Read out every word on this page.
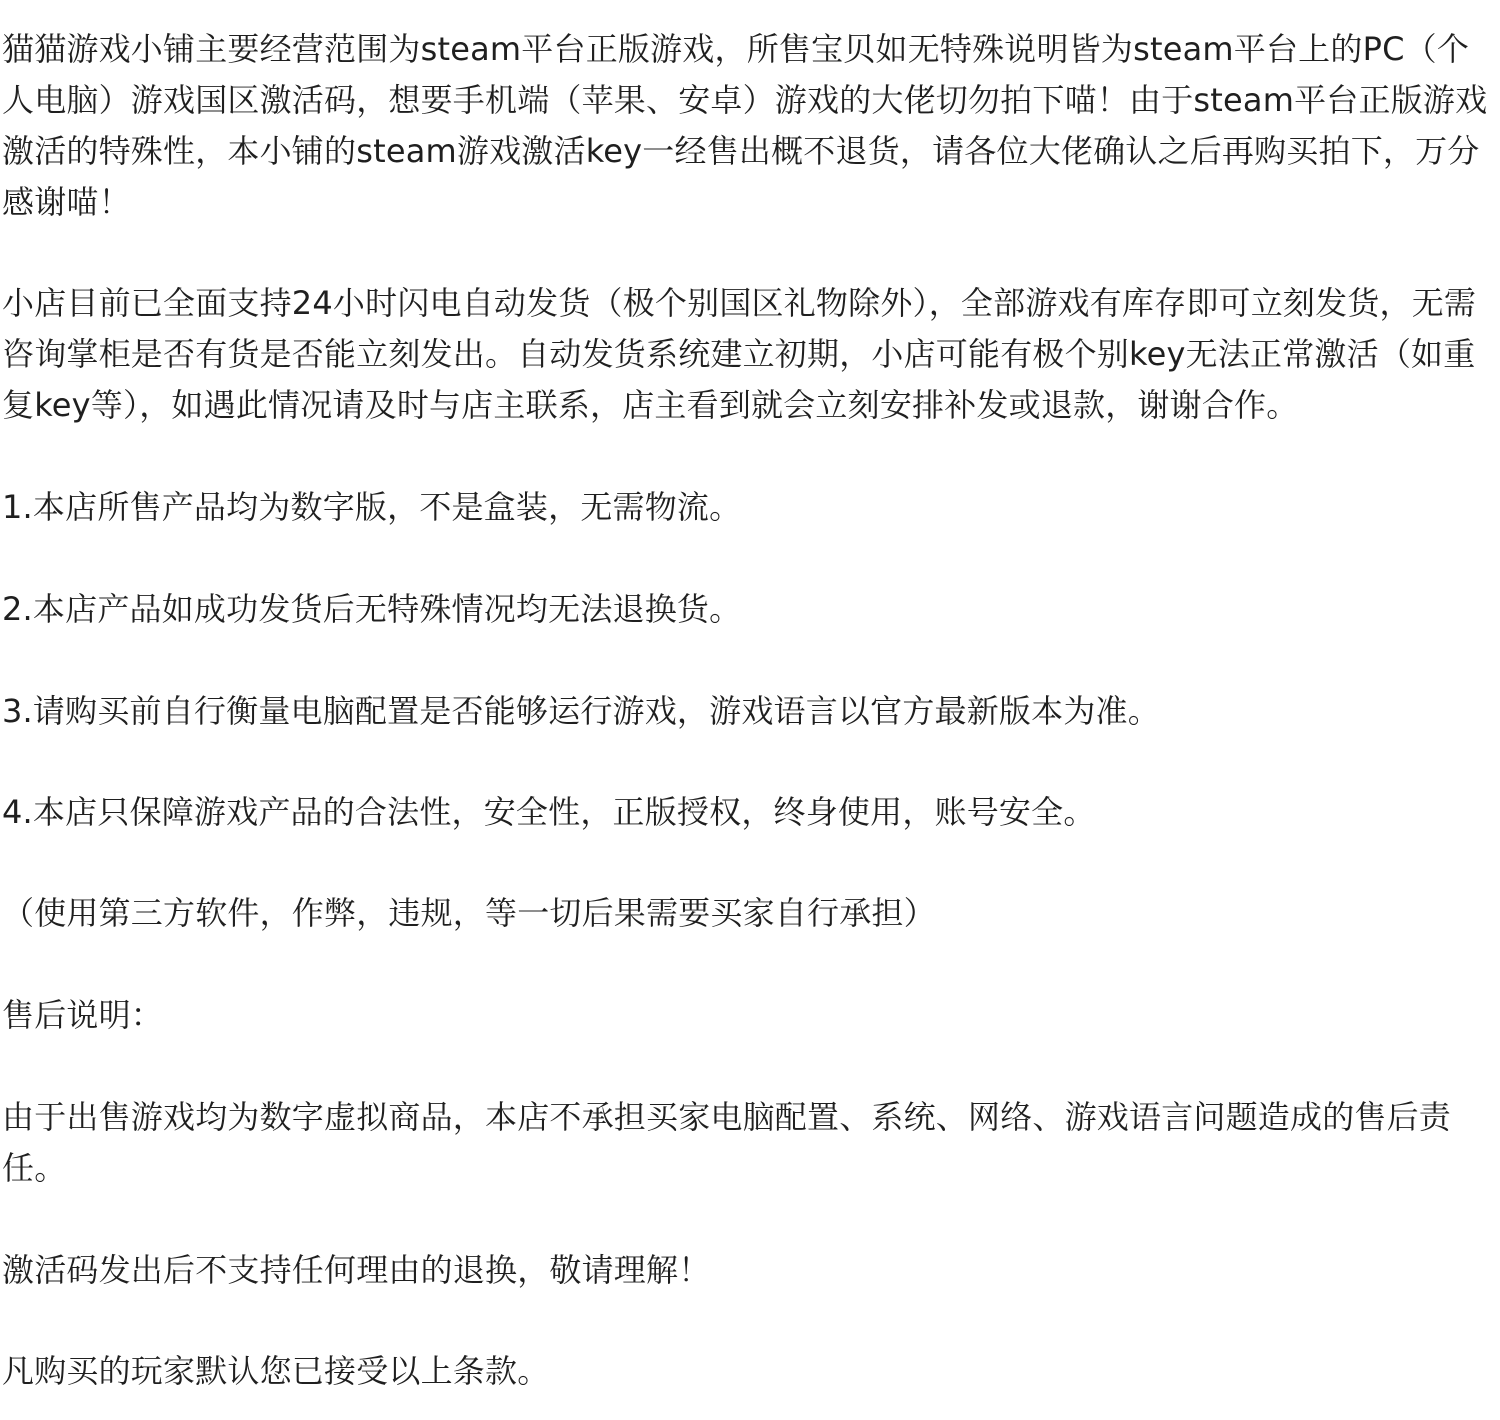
猫猫游戏小铺主要经营范围为steam平台正版游戏，所售宝贝如无特殊说明皆为steam平台上的PC（个人电脑）游戏国区激活码，想要手机端（苹果、安卓）游戏的大佬切勿拍下喵！由于steam平台正版游戏激活的特殊性，本小铺的steam游戏激活key一经售出概不退货，请各位大佬确认之后再购买拍下，万分感谢喵！

小店目前已全面支持24小时闪电自动发货（极个别国区礼物除外），全部游戏有库存即可立刻发货，无需咨询掌柜是否有货是否能立刻发出。自动发货系统建立初期，小店可能有极个别key无法正常激活（如重复key等），如遇此情况请及时与店主联系，店主看到就会立刻安排补发或退款，谢谢合作。

1.本店所售产品均为数字版，不是盒装，无需物流。

2.本店产品如成功发货后无特殊情况均无法退换货。

3.请购买前自行衡量电脑配置是否能够运行游戏，游戏语言以官方最新版本为准。

4.本店只保障游戏产品的合法性，安全性，正版授权，终身使用，账号安全。

（使用第三方软件，作弊，违规，等一切后果需要买家自行承担）

售后说明：

由于出售游戏均为数字虚拟商品，本店不承担买家电脑配置、系统、网络、游戏语言问题造成的售后责任。

激活码发出后不支持任何理由的退换，敬请理解！

凡购买的玩家默认您已接受以上条款。
